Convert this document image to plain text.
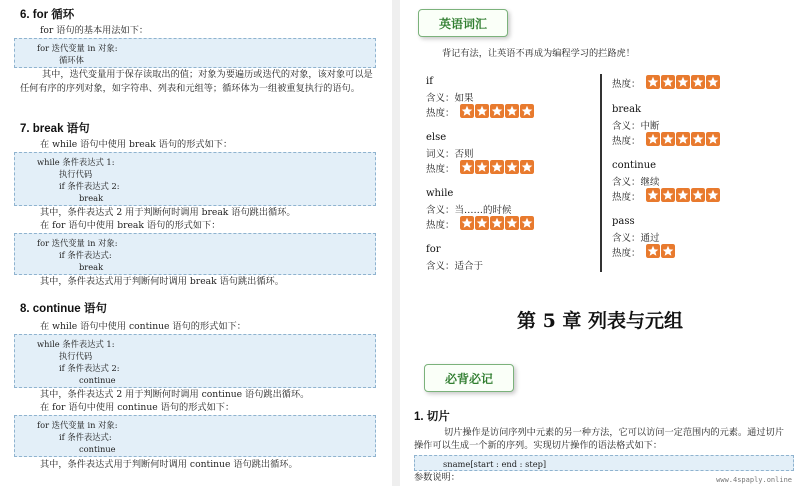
6. for 循环
for 语句的基本用法如下：
for 迭代变量 in 对象:
循环体
其中，迭代变量用于保存读取出的值；对象为要遍历或迭代的对象，该对象可以是任何有序的序列对象，如字符串、列表和元组等；循环体为一组被重复执行的语句。
7. break 语句
在 while 语句中使用 break 语句的形式如下：
while 条件表达式 1:
执行代码
if 条件表达式 2:
break
其中，条件表达式 2 用于判断何时调用 break 语句跳出循环。
在 for 语句中使用 break 语句的形式如下：
for 迭代变量 in 对象:
if 条件表达式:
break
其中，条件表达式用于判断何时调用 break 语句跳出循环。
8. continue 语句
在 while 语句中使用 continue 语句的形式如下：
while 条件表达式 1:
执行代码
if 条件表达式 2:
continue
其中，条件表达式 2 用于判断何时调用 continue 语句跳出循环。
在 for 语句中使用 continue 语句的形式如下：
for 迭代变量 in 对象:
if 条件表达式:
continue
其中，条件表达式用于判断何时调用 continue 语句跳出循环。
英语词汇
背记有法，让英语不再成为编程学习的拦路虎！
if
含义：如果
热度：
else
词义：否则
热度：
while
含义：当……的时候
热度：
for
含义：适合于
热度：
break
含义：中断
热度：
continue
含义：继续
热度：
pass
含义：通过
热度：
第 5 章 列表与元组
必背必记
1. 切片
切片操作是访问序列中元素的另一种方法，它可以访问一定范围内的元素。通过切片操作可以生成一个新的序列。实现切片操作的语法格式如下：
sname[start : end : step]
参数说明：	www.4spaply.online
